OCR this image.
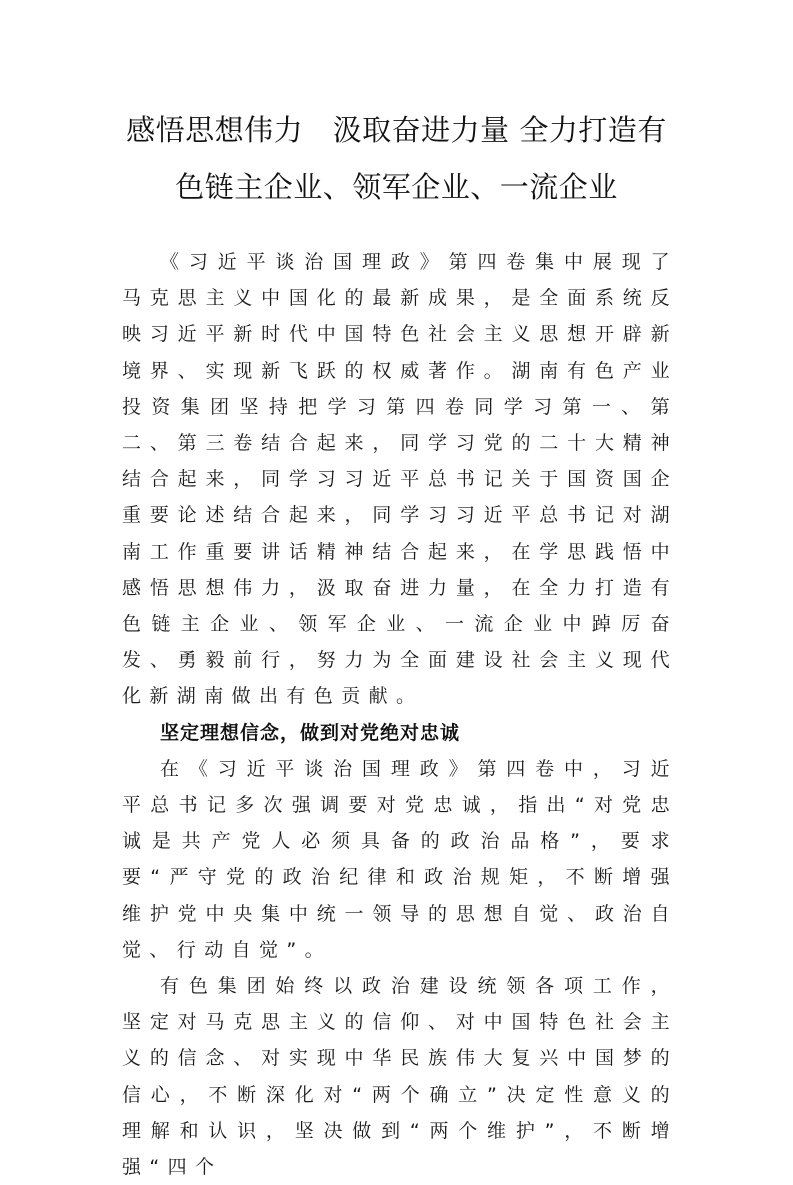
感悟思想伟力　汲取奋进力量 全力打造有
色链主企业、领军企业、一流企业

《习近平谈治国理政》第四卷集中展现了马克思主义中国化的最新成果，是全面系统反映习近平新时代中国特色社会主义思想开辟新境界、实现新飞跃的权威著作。湖南有色产业投资集团坚持把学习第四卷同学习第一、第二、第三卷结合起来，同学习党的二十大精神结合起来，同学习习近平总书记关于国资国企重要论述结合起来，同学习习近平总书记对湖南工作重要讲话精神结合起来，在学思践悟中感悟思想伟力，汲取奋进力量，在全力打造有色链主企业、领军企业、一流企业中踔厉奋发、勇毅前行，努力为全面建设社会主义现代化新湖南做出有色贡献。

坚定理想信念，做到对党绝对忠诚

在《习近平谈治国理政》第四卷中，习近平总书记多次强调要对党忠诚，指出“对党忠诚是共产党人必须具备的政治品格”，要求要“严守党的政治纪律和政治规矩，不断增强维护党中央集中统一领导的思想自觉、政治自觉、行动自觉”。

有色集团始终以政治建设统领各项工作，坚定对马克思主义的信仰、对中国特色社会主义的信念、对实现中华民族伟大复兴中国梦的信心，不断深化对“两个确立”决定性意义的理解和认识，坚决做到“两个维护”，不断增强“四个
